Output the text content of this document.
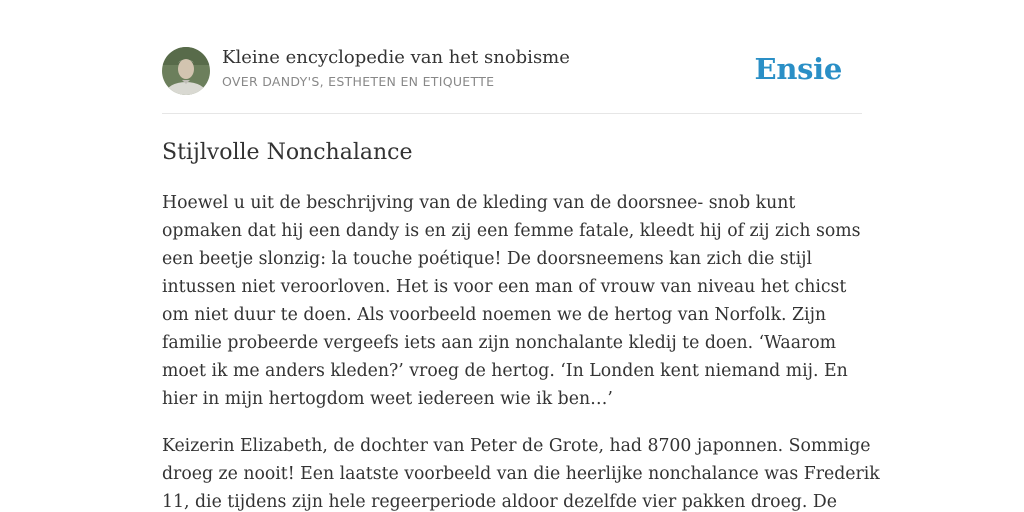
Kleine encyclopedie van het snobisme
OVER DANDY'S, ESTHETEN EN ETIQUETTE	Ensie
Stijlvolle Nonchalance

Hoewel u uit de beschrijving van de kleding van de doorsnee- snob kunt
opmaken dat hij een dandy is en zij een femme fatale, kleedt hij of zij zich soms
een beetje slonzig: la touche poétique! De doorsneemens kan zich die stijl
intussen niet veroorloven. Het is voor een man of vrouw van niveau het chicst
om niet duur te doen. Als voorbeeld noemen we de hertog van Norfolk. Zijn
familie probeerde vergeefs iets aan zijn nonchalante kledij te doen. ‘Waarom
moet ik me anders kleden?’ vroeg de hertog. ‘In Londen kent niemand mij. En
hier in mijn hertogdom weet iedereen wie ik ben…’

Keizerin Elizabeth, de dochter van Peter de Grote, had 8700 japonnen. Sommige
droeg ze nooit! Een laatste voorbeeld van die heerlijke nonchalance was Frederik
11, die tijdens zijn hele regeerperiode aldoor dezelfde vier pakken droeg. De
